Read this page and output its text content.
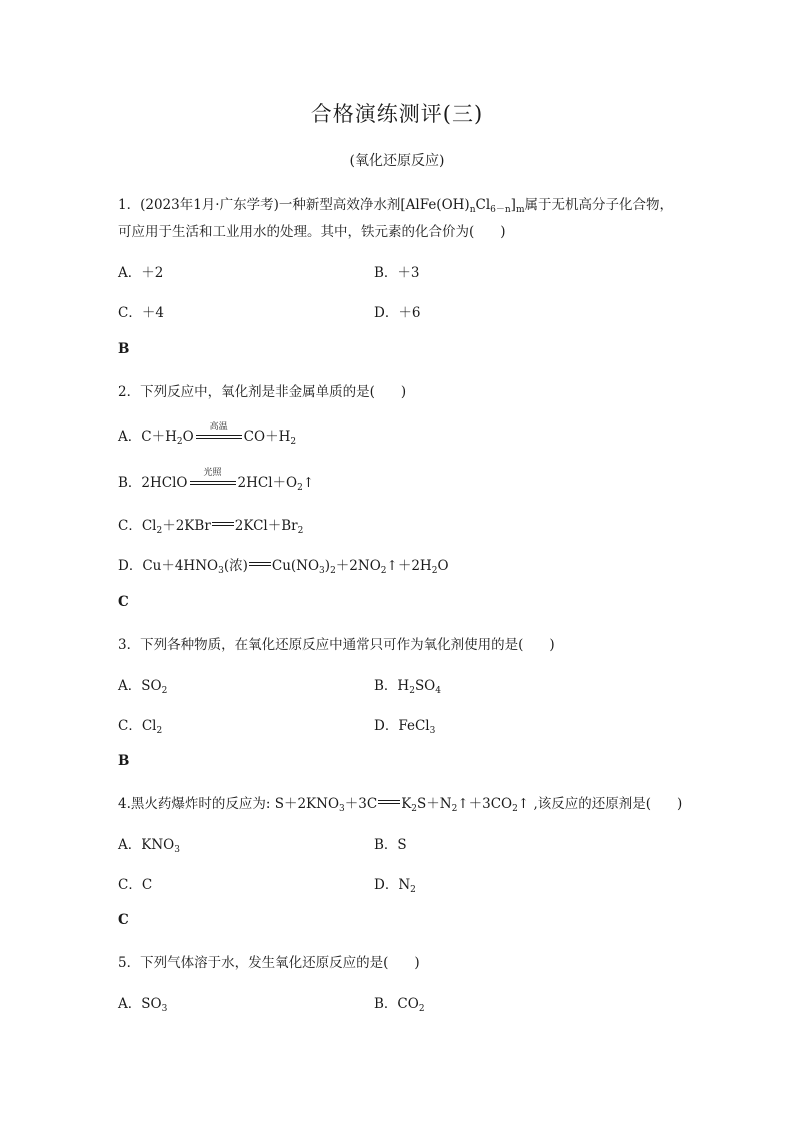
合格演练测评(三)
(氧化还原反应)
1．(2023年1月·广东学考)一种新型高效净水剂$[AlFe(OH)_nCl_{6-n}]_m$属于无机高分子化合物，
可应用于生活和工业用水的处理。其中，铁元素的化合价为( )
A．＋2	B．＋3
C．＋4	D．＋6
B
2．下列反应中，氧化剂是非金属单质的是( )
A．$C+H_2O$
高温
$CO+H_2$
B．2HClO
光照
$2HCl+O_2↑$
C．$Cl_2+2KBr$ $2KCl+Br_2$
D．$Cu+4HNO_3$(浓) $Cu(NO_3)_2+2NO_2↑+2H_2O$
C
3．下列各种物质，在氧化还原反应中通常只可作为氧化剂使用的是( )
A．$SO_2$	B．$H_2SO_4$
C．$Cl_2$	D．FeCl$_3$
B
4.黑火药爆炸时的反应为: $S+2KNO_3+3C$ $K_2S+N_2↑+3CO_2↑$ ,该反应的还原剂是( )
A．$KNO_3$	B．S
C．C	D．$N_2$
C
5．下列气体溶于水，发生氧化还原反应的是( )
A．$SO_3$	B．$CO_2$
